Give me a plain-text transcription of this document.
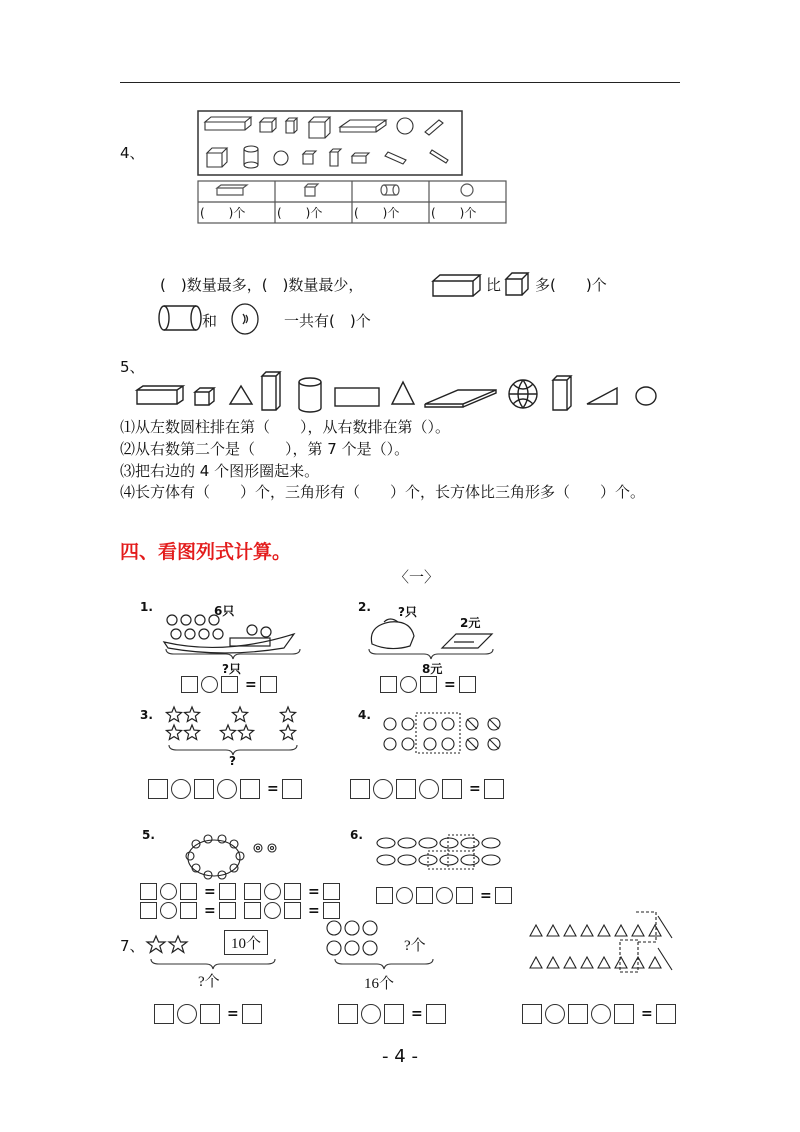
4、
(　　)个	(　　)个	(　　)个	(　　)个
(　)数量最多，(　)数量最少，	比 多(　　)个
和	一共有(　)个
5、
⑴从左数圆柱排在第（　　），从右数排在第（）。
⑵从右数第二个是（　　），第 7 个是（）。
⑶把右边的 4 个图形圈起来。
⑷长方体有（　　）个，三角形有（　　）个，长方体比三角形多（　　）个。
四、看图列式计算。
〈一〉
1.	6只
?只
=
2. ?只
2元
8元
=
3.
?
=
4.
=
5.
=	=
=	=
6.
=
7、	10个
?个
?个
16个
=	=	=
- 4 -
